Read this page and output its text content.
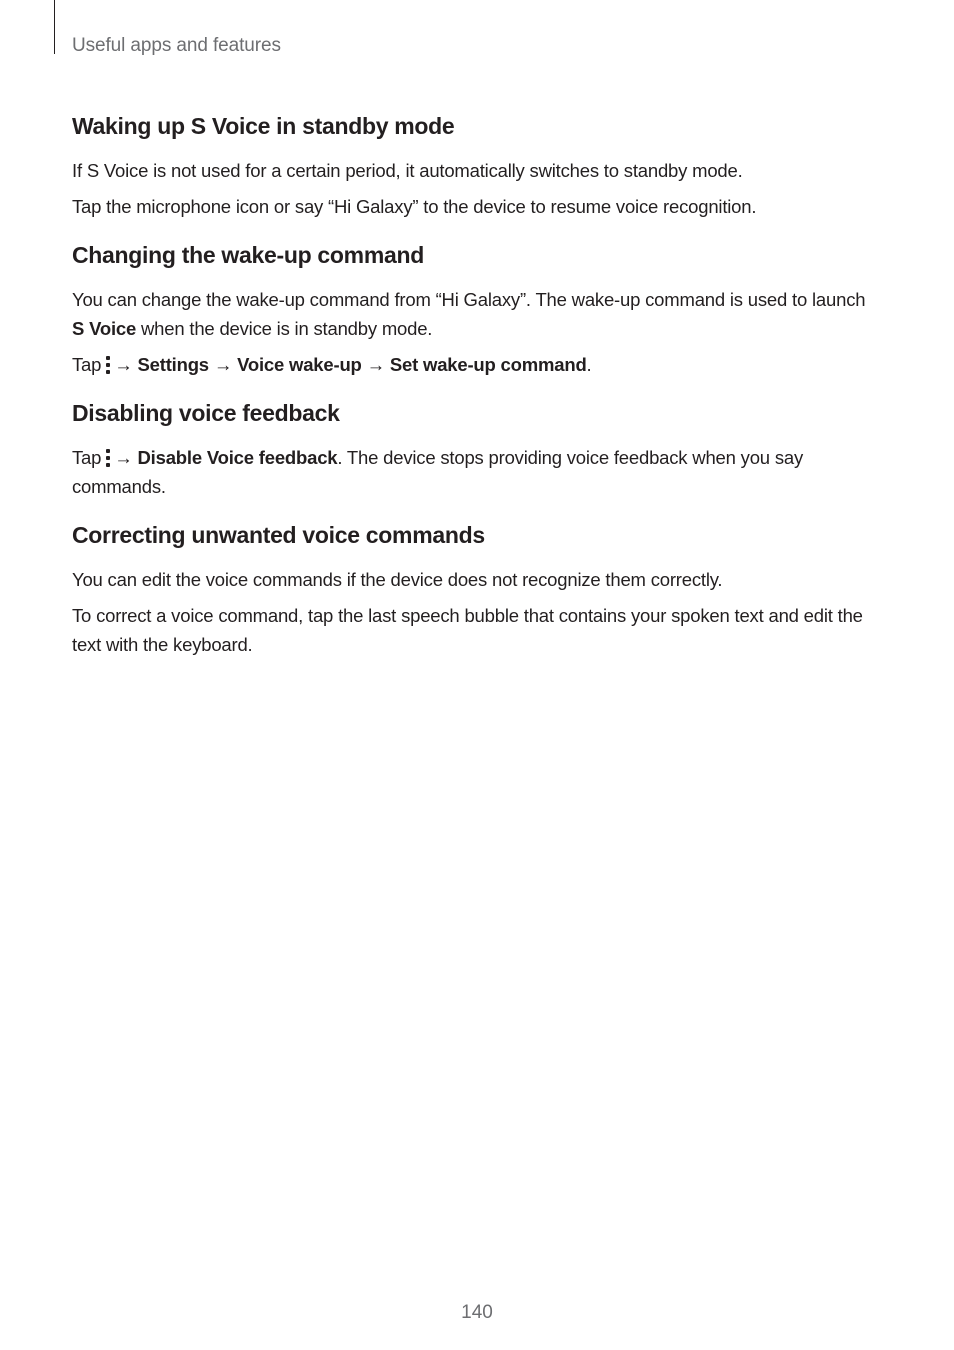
Useful apps and features
Waking up S Voice in standby mode

If S Voice is not used for a certain period, it automatically switches to standby mode.

Tap the microphone icon or say “Hi Galaxy” to the device to resume voice recognition.

Changing the wake-up command

You can change the wake-up command from “Hi Galaxy”. The wake-up command is used to launch S Voice when the device is in standby mode.

Tap → Settings → Voice wake-up → Set wake-up command.

Disabling voice feedback

Tap → Disable Voice feedback. The device stops providing voice feedback when you say commands.

Correcting unwanted voice commands

You can edit the voice commands if the device does not recognize them correctly.

To correct a voice command, tap the last speech bubble that contains your spoken text and edit the text with the keyboard.

140
